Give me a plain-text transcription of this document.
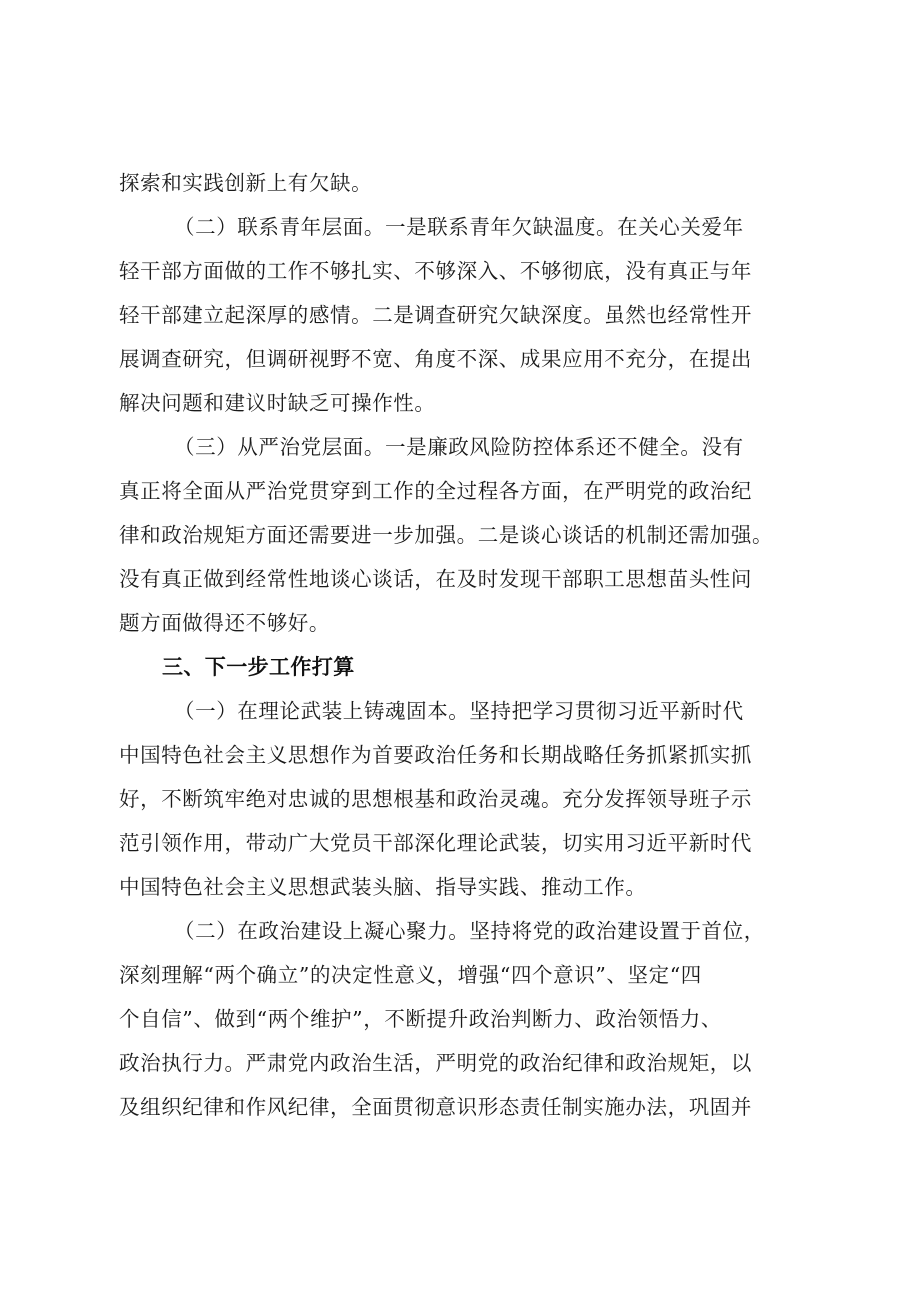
探索和实践创新上有欠缺。
（二）联系青年层面。一是联系青年欠缺温度。在关心关爱年
轻干部方面做的工作不够扎实、不够深入、不够彻底，没有真正与年
轻干部建立起深厚的感情。二是调查研究欠缺深度。虽然也经常性开
展调查研究，但调研视野不宽、角度不深、成果应用不充分，在提出
解决问题和建议时缺乏可操作性。
（三）从严治党层面。一是廉政风险防控体系还不健全。没有
真正将全面从严治党贯穿到工作的全过程各方面，在严明党的政治纪
律和政治规矩方面还需要进一步加强。二是谈心谈话的机制还需加强。
没有真正做到经常性地谈心谈话，在及时发现干部职工思想苗头性问
题方面做得还不够好。
三、下一步工作打算
（一）在理论武装上铸魂固本。坚持把学习贯彻习近平新时代
中国特色社会主义思想作为首要政治任务和长期战略任务抓紧抓实抓
好，不断筑牢绝对忠诚的思想根基和政治灵魂。充分发挥领导班子示
范引领作用，带动广大党员干部深化理论武装，切实用习近平新时代
中国特色社会主义思想武装头脑、指导实践、推动工作。
（二）在政治建设上凝心聚力。坚持将党的政治建设置于首位，
深刻理解“两个确立”的决定性意义，增强“四个意识”、坚定“四
个自信”、做到“两个维护”，不断提升政治判断力、政治领悟力、
政治执行力。严肃党内政治生活，严明党的政治纪律和政治规矩，以
及组织纪律和作风纪律，全面贯彻意识形态责任制实施办法，巩固并
